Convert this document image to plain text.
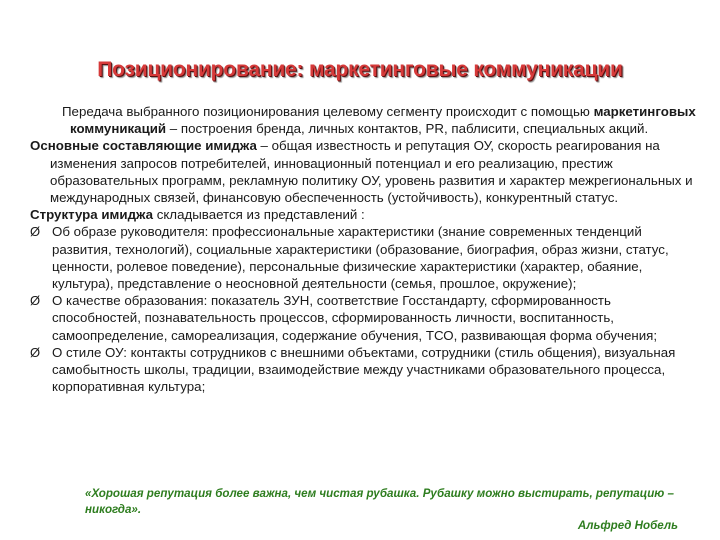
Позиционирование: маркетинговые коммуникации

Передача выбранного позиционирования целевому сегменту происходит с помощью маркетинговых коммуникаций – построения бренда, личных контактов, PR, паблисити, специальных акций.

Основные составляющие имиджа – общая известность и репутация ОУ, скорость реагирования на изменения запросов потребителей, инновационный потенциал и его реализацию, престиж образовательных программ, рекламную политику ОУ, уровень развития и характер межрегиональных и международных связей, финансовую обеспеченность (устойчивость), конкурентный статус.

Структура имиджа складывается из представлений :

Ø Об образе руководителя: профессиональные характеристики (знание современных тенденций развития, технологий), социальные характеристики (образование, биография, образ жизни, статус, ценности, ролевое поведение), персональные физические характеристики (характер, обаяние, культура), представление о неосновной деятельности (семья, прошлое, окружение);
Ø О качестве образования: показатель ЗУН, соответствие Госстандарту, сформированность способностей, познавательность процессов, сформированность личности, воспитанность, самоопределение, самореализация, содержание обучения, ТСО, развивающая форма обучения;
Ø О стиле ОУ: контакты сотрудников с внешними объектами, сотрудники (стиль общения), визуальная самобытность школы, традиции, взаимодействие между участниками образовательного процесса, корпоративная культура;
«Хорошая репутация более важна, чем чистая рубашка. Рубашку можно выстирать, репутацию – никогда».
Альфред Нобель
